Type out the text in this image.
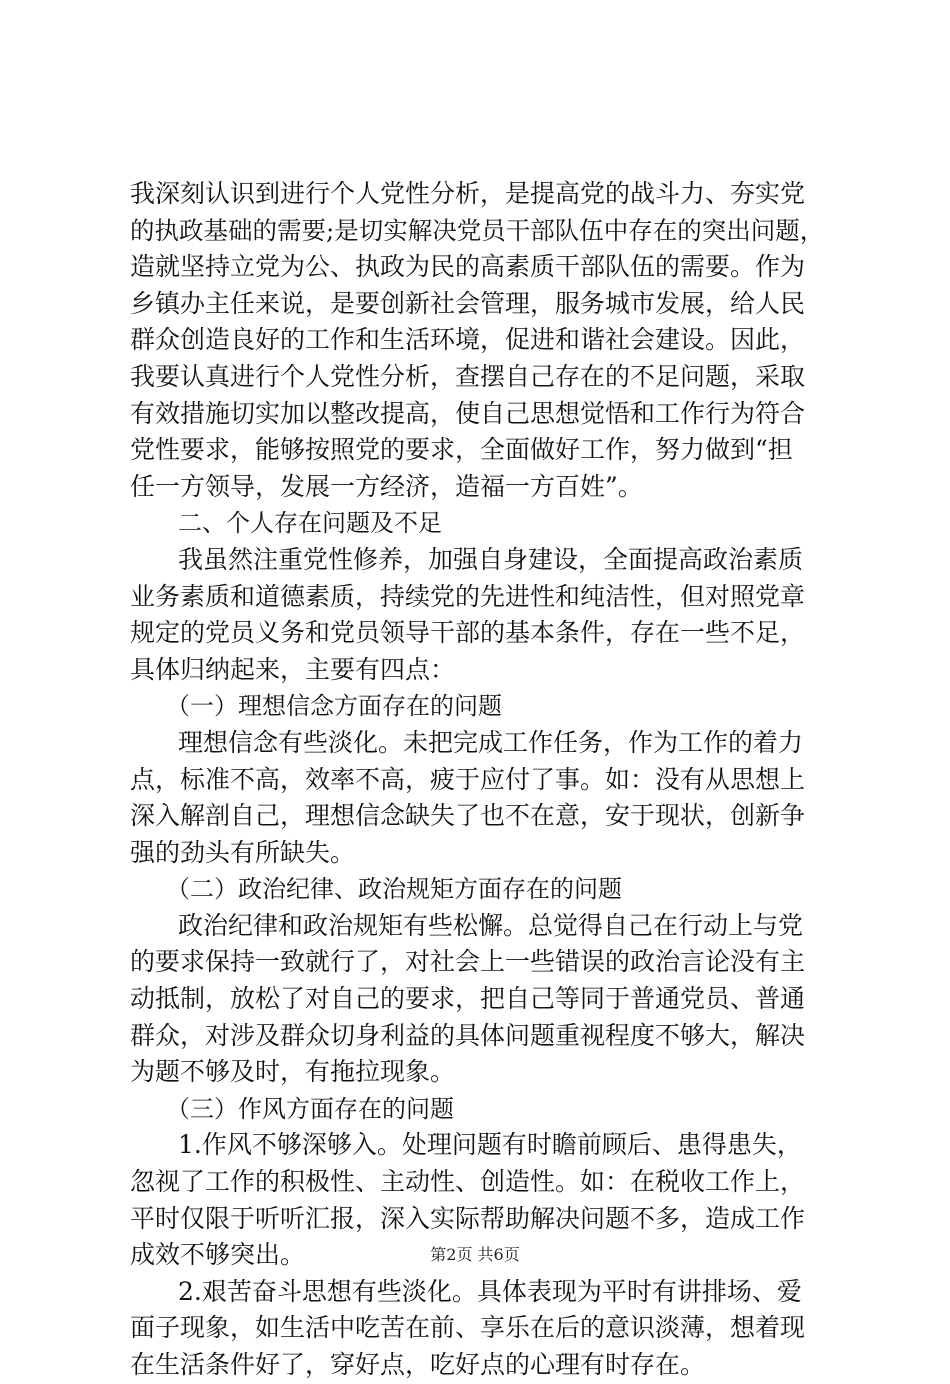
我深刻认识到进行个人党性分析，是提高党的战斗力、夯实党
的执政基础的需要;是切实解决党员干部队伍中存在的突出问题，
造就坚持立党为公、执政为民的高素质干部队伍的需要。作为
乡镇办主任来说，是要创新社会管理，服务城市发展，给人民
群众创造良好的工作和生活环境，促进和谐社会建设。因此，
我要认真进行个人党性分析，查摆自己存在的不足问题，采取
有效措施切实加以整改提高，使自己思想觉悟和工作行为符合
党性要求，能够按照党的要求，全面做好工作，努力做到“担
任一方领导，发展一方经济，造福一方百姓”。
二、个人存在问题及不足
我虽然注重党性修养，加强自身建设，全面提高政治素质
业务素质和道德素质，持续党的先进性和纯洁性，但对照党章
规定的党员义务和党员领导干部的基本条件，存在一些不足，
具体归纳起来，主要有四点：
（一）理想信念方面存在的问题
理想信念有些淡化。未把完成工作任务，作为工作的着力
点，标准不高，效率不高，疲于应付了事。如：没有从思想上
深入解剖自己，理想信念缺失了也不在意，安于现状，创新争
强的劲头有所缺失。
（二）政治纪律、政治规矩方面存在的问题
政治纪律和政治规矩有些松懈。总觉得自己在行动上与党
的要求保持一致就行了，对社会上一些错误的政治言论没有主
动抵制，放松了对自己的要求，把自己等同于普通党员、普通
群众，对涉及群众切身利益的具体问题重视程度不够大，解决
为题不够及时，有拖拉现象。
（三）作风方面存在的问题
1.作风不够深够入。处理问题有时瞻前顾后、患得患失，
忽视了工作的积极性、主动性、创造性。如：在税收工作上，
平时仅限于听听汇报，深入实际帮助解决问题不多，造成工作
成效不够突出。
2.艰苦奋斗思想有些淡化。具体表现为平时有讲排场、爱
面子现象，如生活中吃苦在前、享乐在后的意识淡薄，想着现
在生活条件好了，穿好点，吃好点的心理有时存在。
第2页 共6页
